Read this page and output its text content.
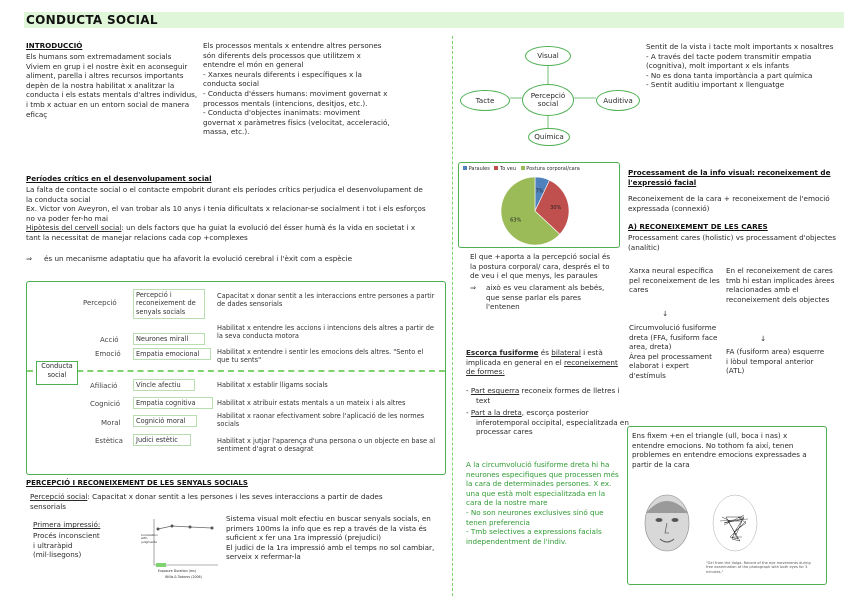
CONDUCTA SOCIAL
INTRODUCCIÓ
Els humans som extremadament socials
Viviem en grup i el nostre èxit en aconseguir aliment, parella i altres recursos importants depèn de la nostra habilitat x analitzar la conducta i els estats mentals d'altres individus, i tmb x actuar en un entorn social de manera eficaç
Els processos mentals x entendre altres persones són diferents dels processos que utilitzem x entendre el món en general
- Xarxes neurals diferents i específiques x la conducta social
- Conducta d'éssers humans: moviment governat x processos mentals (intencions, desitjos, etc.).
- Conducta d'objectes inanimats: moviment governat x paràmetres físics (velocitat, acceleració, massa, etc.).
Períodes crítics en el desenvolupament social
La falta de contacte social o el contacte empobrit durant els períodes crítics perjudica el desenvolupament de la conducta social
Ex. Victor von Aveyron, el van trobar als 10 anys i tenia dificultats x relacionar-se socialment i tot i els esforços no va poder fer-ho mai
Hipòtesis del cervell social: un dels factors que ha guiat la evolució del ésser humà és la vida en societat i x tant la necessitat de manejar relacions cada cop +complexes
⇒ és un mecanisme adaptatiu que ha afavorit la evolució cerebral i l'èxit com a espècie
Conducta social
Percepció
Percepció i reconeixement de senyals socials
Capacitat x donar sentit a les interaccions entre persones a partir de dades sensorials
Acció	Neurones mirall
Habilitat x entendre les accions i intencions dels altres a partir de la seva conducta motora
Emoció	Empatia emocional	Habilitat x entendre i sentir les emocions dels altres. "Sento el que tu sents"
Afiliació	Vincle afectiu	Habilitat x establir lligams socials
Cognició	Empatia cognitiva	Habilitat x atribuir estats mentals a un mateix i als altres
Moral	Cognició moral
Habilitat x raonar efectivament sobre l'aplicació de les normes socials
Estètica	Judici estètic	Habilitat x jutjar l'aparença d'una persona o un objecte en base al sentiment d'agrat o desagrat
PERCEPCIÓ I RECONEIXEMENT DE LES SENYALS SOCIALS
Percepció social: Capacitat x donar sentit a les persones i les seves interaccions a partir de dades sensorials
Primera impressió:
Procés inconscient i ultraràpid (mil·lisegons)
Correlation with judgments
Exposure Duration (ms)
Willis & Todorov (2006)
Sistema visual molt efectiu en buscar senyals socials, en primers 100ms la info que es rep a través de la vista és suficient x fer una 1ra impressió (prejudici)
El judici de la 1ra impressió amb el temps no sol cambiar, serveix x refermar-la
Visual
Tacte	Percepció social	Auditiva
Química
Sentit de la vista i tacte molt importants x nosaltres
- A través del tacte podem transmitir empatia (cognitiva), molt important x els infants
- No es dona tanta importància a part química
- Sentit auditiu important x llenguatge
Paraules To veu Postura corporal/cara
7%
30%
63%
El que +aporta a la percepció social és la postura corporal/ cara, després el to de veu i el que menys, les paraules
⇒ això es veu clarament als bebés, que sense parlar els pares l'entenen
Escorça fusiforme és bilateral i està implicada en general en el reconeixement de formes:
- Part esquerra reconeix formes de lletres i text
- Part a la dreta, escorça posterior inferotemporal occipital, especialitzada en processar cares
A la circumvolució fusiforme dreta hi ha neurones especifiques que processen més la cara de determinades persones. X ex. una que està molt especialitzada en la cara de la nostre mare
- No son neurones exclusives sinó que tenen preferencia
- Tmb selectives a expressions facials independentment de l'indiv.
Processament de la info visual: reconeixement de l'expressió facial
Reconeixement de la cara + reconeixement de l'emoció expressada (connexió)
A) RECONEIXEMENT DE LES CARES
Processament cares (holistic) vs processament d'objectes (analític)
Xarxa neural específica pel reconeixement de les cares
↓
Circumvolució fusiforme dreta (FFA, fusiform face area, dreta)
Àrea pel processament elaborat i expert d'estímuls
En el reconeixement de cares tmb hi estan implicades àrees relacionades amb el reconeixement dels objectes
↓
FA (fusiform area) esquerre i lòbul temporal anterior (ATL)
Ens fixem +en el triangle (ull, boca i nas) x entendre emocions. No tothom fa així, tenen problemes en entendre emocions expressades a partir de la cara
"Girl from the Volga. Record of the eye movements during free examination of the photograph with both eyes for 3 minutes."
